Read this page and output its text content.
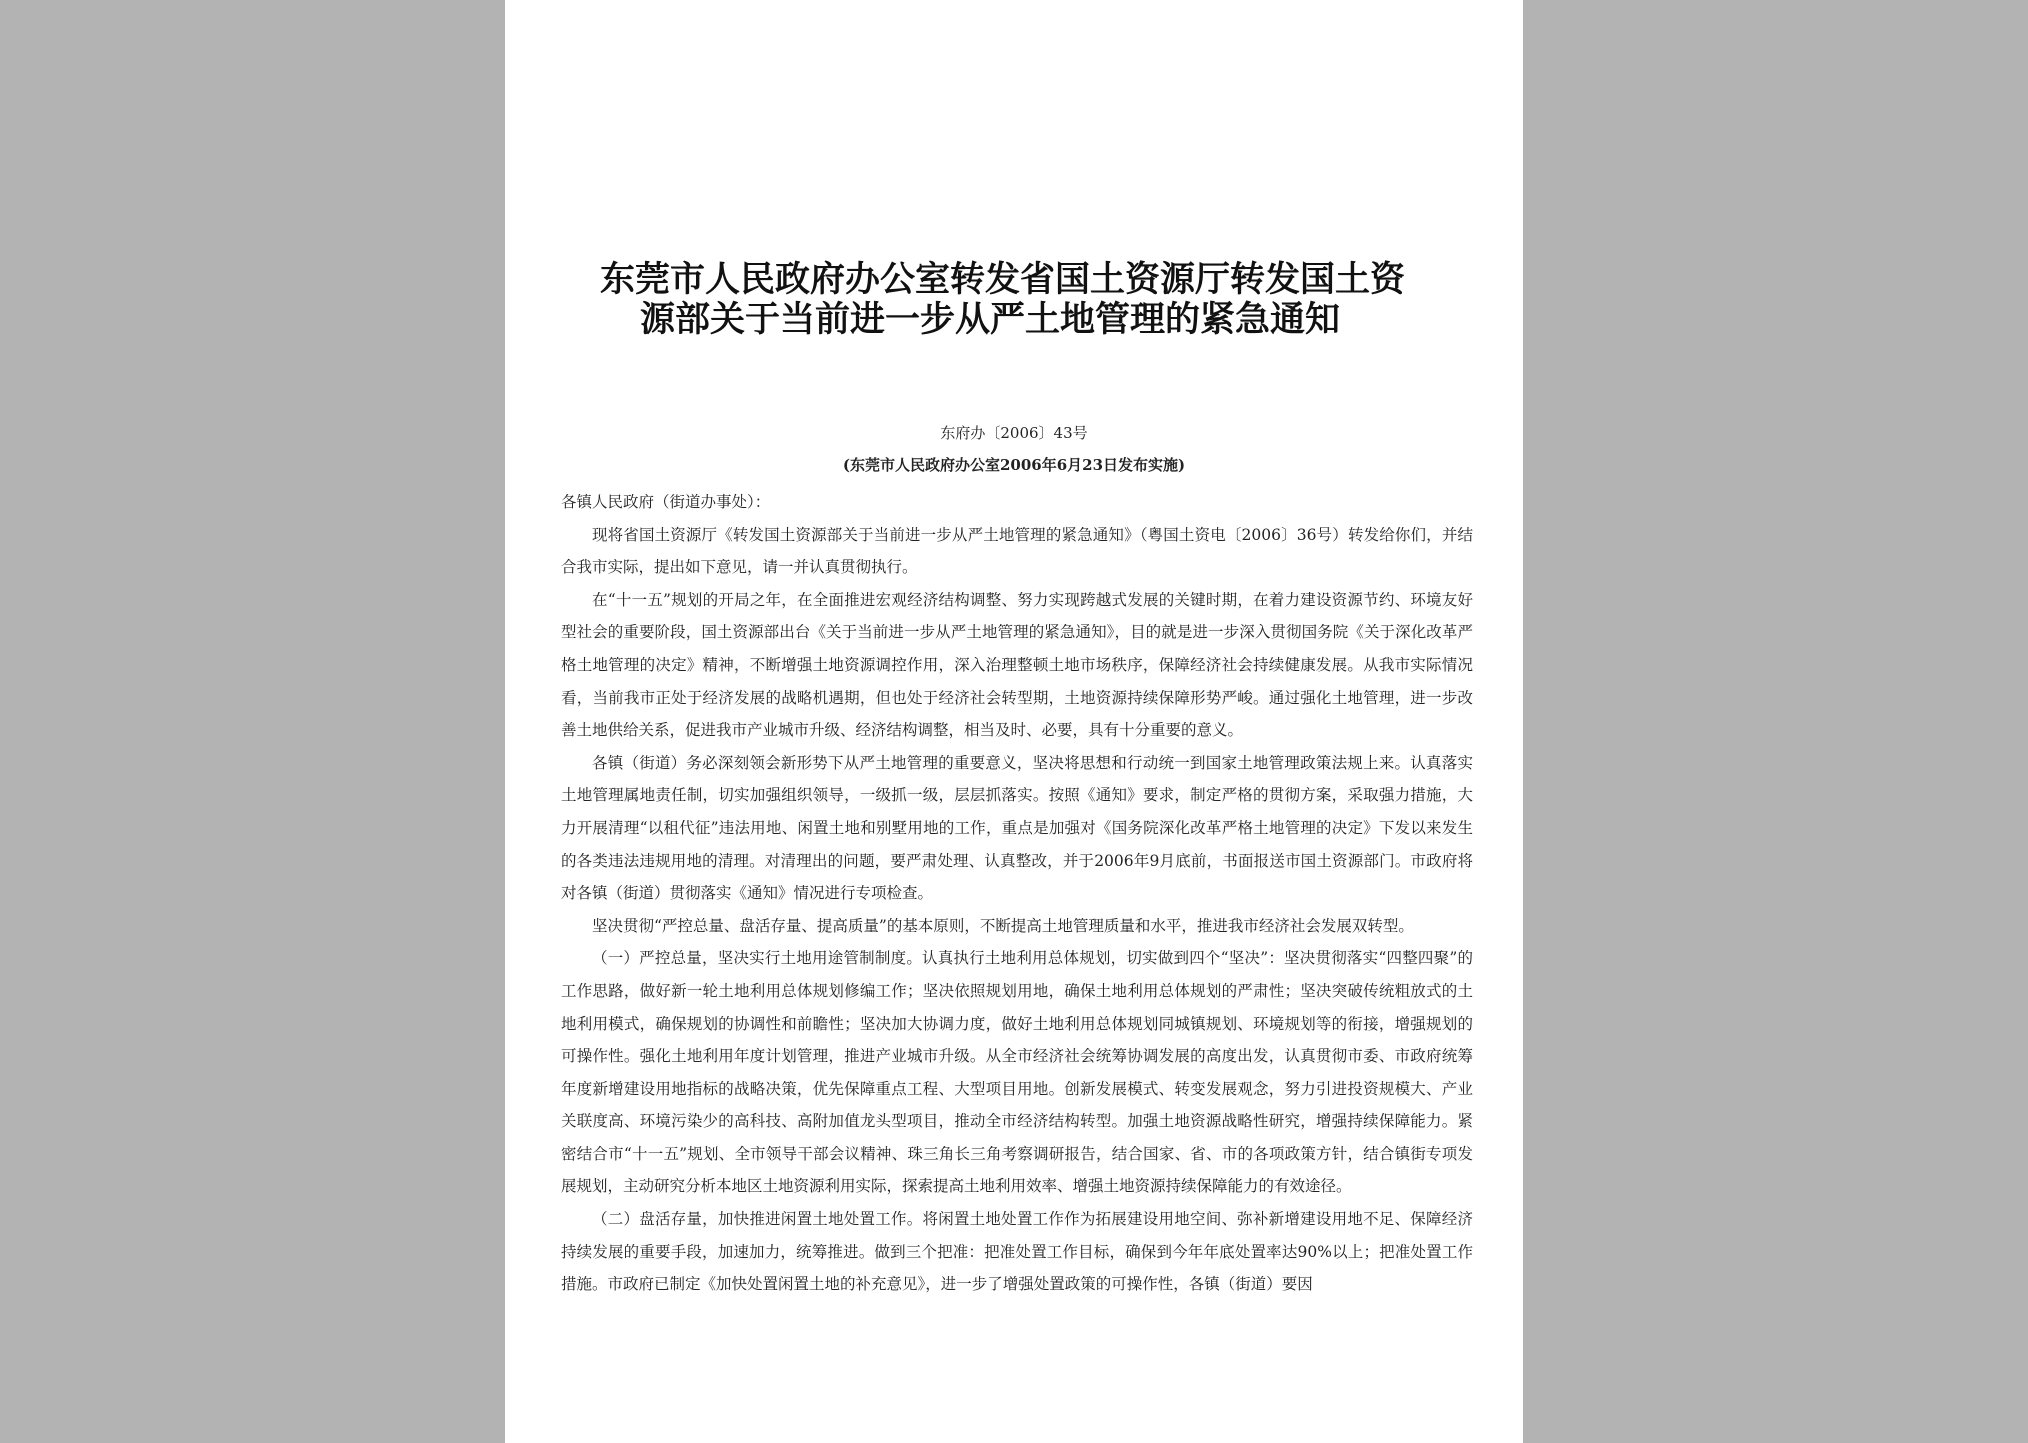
东莞市人民政府办公室转发省国土资源厅转发国土资
源部关于当前进一步从严土地管理的紧急通知
东府办〔2006〕43号
(东莞市人民政府办公室2006年6月23日发布实施)

各镇人民政府（街道办事处）：

现将省国土资源厅《转发国土资源部关于当前进一步从严土地管理的紧急通知》（粤国土资电〔2006〕36号）转发给你们，并结合我市实际，提出如下意见，请一并认真贯彻执行。

在“十一五”规划的开局之年，在全面推进宏观经济结构调整、努力实现跨越式发展的关键时期，在着力建设资源节约、环境友好型社会的重要阶段，国土资源部出台《关于当前进一步从严土地管理的紧急通知》，目的就是进一步深入贯彻国务院《关于深化改革严格土地管理的决定》精神，不断增强土地资源调控作用，深入治理整顿土地市场秩序，保障经济社会持续健康发展。从我市实际情况看，当前我市正处于经济发展的战略机遇期，但也处于经济社会转型期，土地资源持续保障形势严峻。通过强化土地管理，进一步改善土地供给关系，促进我市产业城市升级、经济结构调整，相当及时、必要，具有十分重要的意义。

各镇（街道）务必深刻领会新形势下从严土地管理的重要意义，坚决将思想和行动统一到国家土地管理政策法规上来。认真落实土地管理属地责任制，切实加强组织领导，一级抓一级，层层抓落实。按照《通知》要求，制定严格的贯彻方案，采取强力措施，大力开展清理“以租代征”违法用地、闲置土地和别墅用地的工作，重点是加强对《国务院深化改革严格土地管理的决定》下发以来发生的各类违法违规用地的清理。对清理出的问题，要严肃处理、认真整改，并于2006年9月底前，书面报送市国土资源部门。市政府将对各镇（街道）贯彻落实《通知》情况进行专项检查。

坚决贯彻“严控总量、盘活存量、提高质量”的基本原则，不断提高土地管理质量和水平，推进我市经济社会发展双转型。

（一）严控总量，坚决实行土地用途管制制度。认真执行土地利用总体规划，切实做到四个“坚决”：坚决贯彻落实“四整四聚”的工作思路，做好新一轮土地利用总体规划修编工作；坚决依照规划用地，确保土地利用总体规划的严肃性；坚决突破传统粗放式的土地利用模式，确保规划的协调性和前瞻性；坚决加大协调力度，做好土地利用总体规划同城镇规划、环境规划等的衔接，增强规划的可操作性。强化土地利用年度计划管理，推进产业城市升级。从全市经济社会统筹协调发展的高度出发，认真贯彻市委、市政府统筹年度新增建设用地指标的战略决策，优先保障重点工程、大型项目用地。创新发展模式、转变发展观念，努力引进投资规模大、产业关联度高、环境污染少的高科技、高附加值龙头型项目，推动全市经济结构转型。加强土地资源战略性研究，增强持续保障能力。紧密结合市“十一五”规划、全市领导干部会议精神、珠三角长三角考察调研报告，结合国家、省、市的各项政策方针，结合镇街专项发展规划，主动研究分析本地区土地资源利用实际，探索提高土地利用效率、增强土地资源持续保障能力的有效途径。

（二）盘活存量，加快推进闲置土地处置工作。将闲置土地处置工作作为拓展建设用地空间、弥补新增建设用地不足、保障经济持续发展的重要手段，加速加力，统筹推进。做到三个把准：把准处置工作目标，确保到今年年底处置率达90%以上；把准处置工作措施。市政府已制定《加快处置闲置土地的补充意见》，进一步了增强处置政策的可操作性，各镇（街道）要因
